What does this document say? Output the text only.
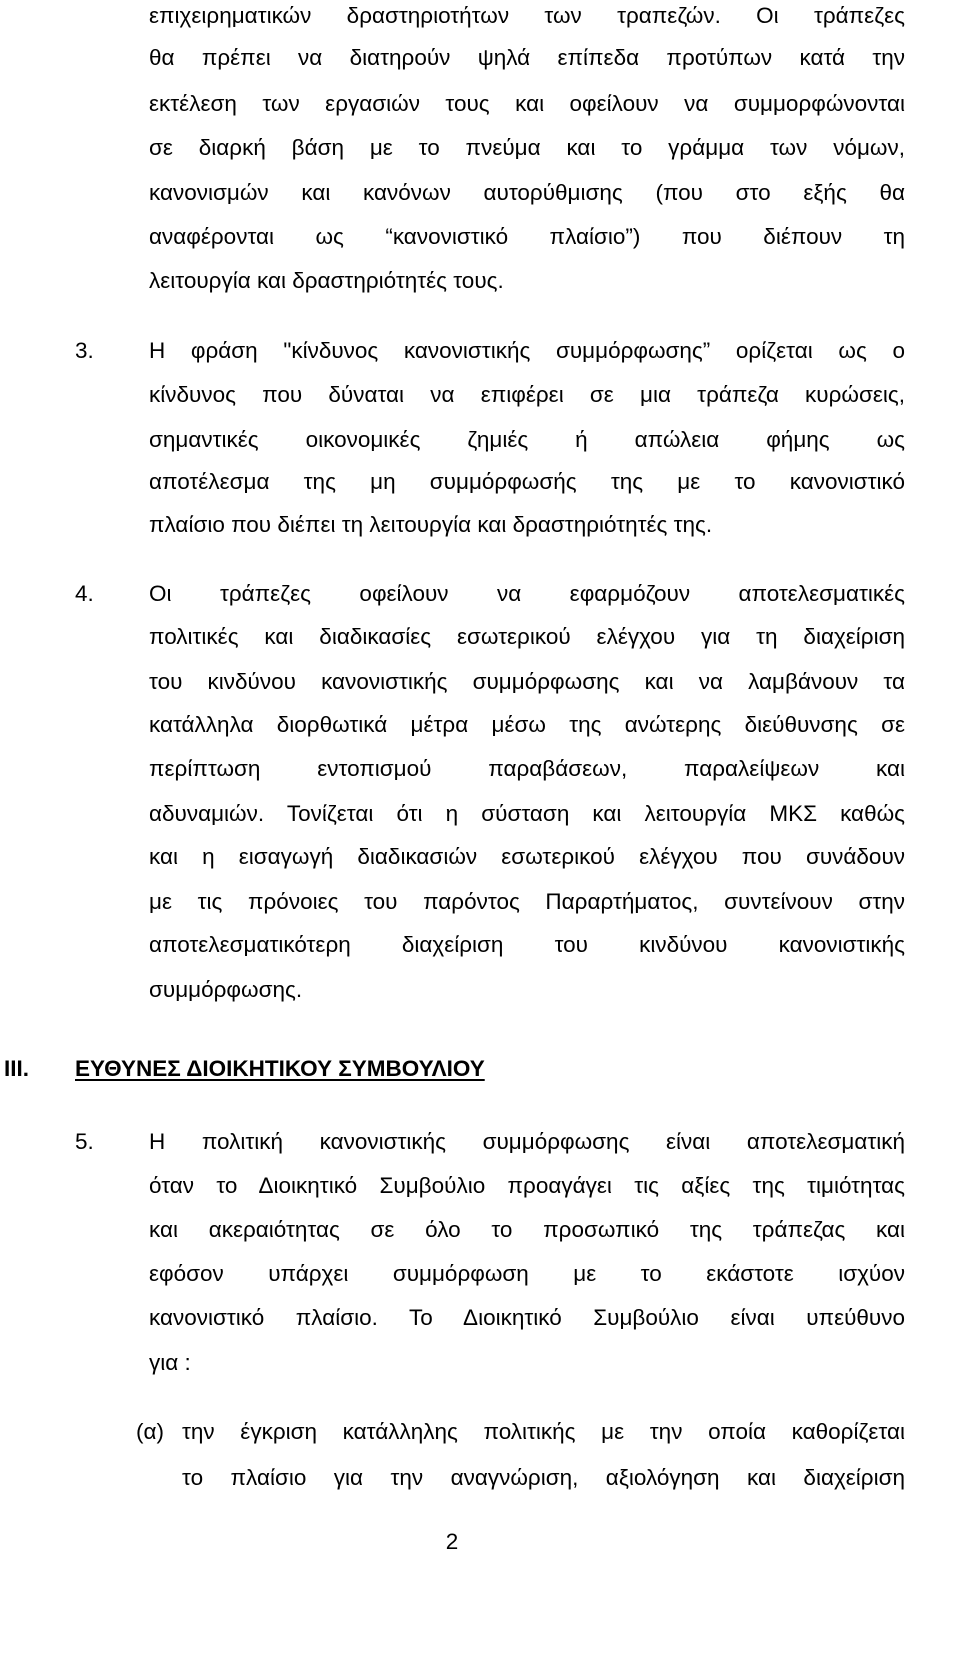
επιχειρηματικών δραστηριοτήτων των τραπεζών. Οι τράπεζες
θα πρέπει να διατηρούν ψηλά επίπεδα προτύπων κατά την
εκτέλεση των εργασιών τους και οφείλουν να συμμορφώνονται
σε διαρκή βάση με το πνεύμα και το γράμμα των νόμων,
κανονισμών και κανόνων αυτορύθμισης (που στο εξής θα
αναφέρονται ως “κανονιστικό πλαίσιο”) που διέπουν τη
λειτουργία και δραστηριότητές τους.
3. Η φράση "κίνδυνος κανονιστικής συμμόρφωσης” ορίζεται ως ο
κίνδυνος που δύναται να επιφέρει σε μια τράπεζα κυρώσεις,
σημαντικές οικονομικές ζημιές ή απώλεια φήμης ως
αποτέλεσμα της μη συμμόρφωσής της με το κανονιστικό
πλαίσιο που διέπει τη λειτουργία και δραστηριότητές της.
4. Οι τράπεζες οφείλουν να εφαρμόζουν αποτελεσματικές
πολιτικές και διαδικασίες εσωτερικού ελέγχου για τη διαχείριση
του κινδύνου κανονιστικής συμμόρφωσης και να λαμβάνουν τα
κατάλληλα διορθωτικά μέτρα μέσω της ανώτερης διεύθυνσης σε
περίπτωση εντοπισμού παραβάσεων, παραλείψεων και
αδυναμιών. Τονίζεται ότι η σύσταση και λειτουργία ΜΚΣ καθώς
και η εισαγωγή διαδικασιών εσωτερικού ελέγχου που συνάδουν
με τις πρόνοιες του παρόντος Παραρτήματος, συντείνουν στην
αποτελεσματικότερη διαχείριση του κινδύνου κανονιστικής
συμμόρφωσης.
III. ΕΥΘΥΝΕΣ ΔΙΟΙΚΗΤΙΚΟΥ ΣΥΜΒΟΥΛΙΟΥ
5. Η πολιτική κανονιστικής συμμόρφωσης είναι αποτελεσματική
όταν το Διοικητικό Συμβούλιο προαγάγει τις αξίες της τιμιότητας
και ακεραιότητας σε όλο το προσωπικό της τράπεζας και
εφόσον υπάρχει συμμόρφωση με το εκάστοτε ισχύον
κανονιστικό πλαίσιο. Το Διοικητικό Συμβούλιο είναι υπεύθυνο
για :
(α) την έγκριση κατάλληλης πολιτικής με την οποία καθορίζεται
το πλαίσιο για την αναγνώριση, αξιολόγηση και διαχείριση
2
